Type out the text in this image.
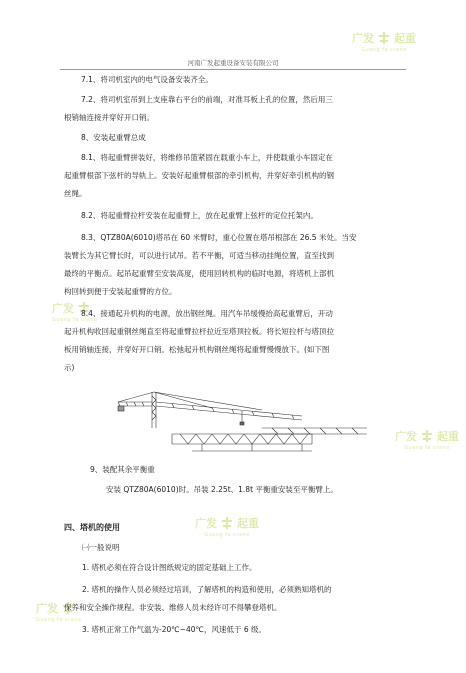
广发 起重
Guang fa crane
广发
Guang fa crane
广发 起重
Guang fa crane
广发 起重
Guang fa crane
广发
Guang fa crane
河南广发起重设备安装有限公司
7.1、将司机室内的电气设备安装齐全。
7.2、将司机室吊到上支座靠右平台的前端，对准耳板上孔的位置，然后用三
根销轴连接并穿好开口销。
8、安装起重臂总成
8.1、将起重臂拼装好，将维修吊篮紧固在载重小车上，并使载重小车固定在
起重臂根部下弦杆的导轨上。安装好起重臂根部的牵引机构，并穿好牵引机构的钢
丝绳。
8.2、将起重臂拉杆安装在起重臂上，放在起重臂上弦杆的定位托架内。
8.3、QTZ80A(6010)塔吊在 60 米臂时，重心位置在塔吊根部在 26.5 米处。当安
装臂长为其它臂长时，可以进行试吊。若不平衡，可适当移动挂绳位置，直至找到
最终的平衡点。起吊起重臂至安装高度，使用回转机构的临时电源，将塔机上部机
构回转到便于安装起重臂的方位。
8.4、接通起升机构的电源，放出钢丝绳。用汽车吊缓慢抬高起重臂后，开动
起升机构收回起重钢丝绳直至将起重臂拉杆拉近至塔顶拉板。将长短拉杆与塔顶拉
板用销轴连接，并穿好开口销。松弛起升机构钢丝绳将起重臂慢慢放下。(如下图
示)
9、装配其余平衡重
安装 QTZ80A(6010)时。吊装 2.25t、1.8t 平衡重安装至平衡臂上。
四、塔机的使用
㈠一般说明
1. 塔机必须在符合设计图纸规定的固定基础上工作。
2. 塔机的操作人员必须经过培训，了解塔机的构造和使用，必须熟知塔机的
保养和安全操作规程。非安装、维修人员未经许可不得攀登塔机。
3. 塔机正常工作气温为-20℃~40℃，风速低于 6 级。
